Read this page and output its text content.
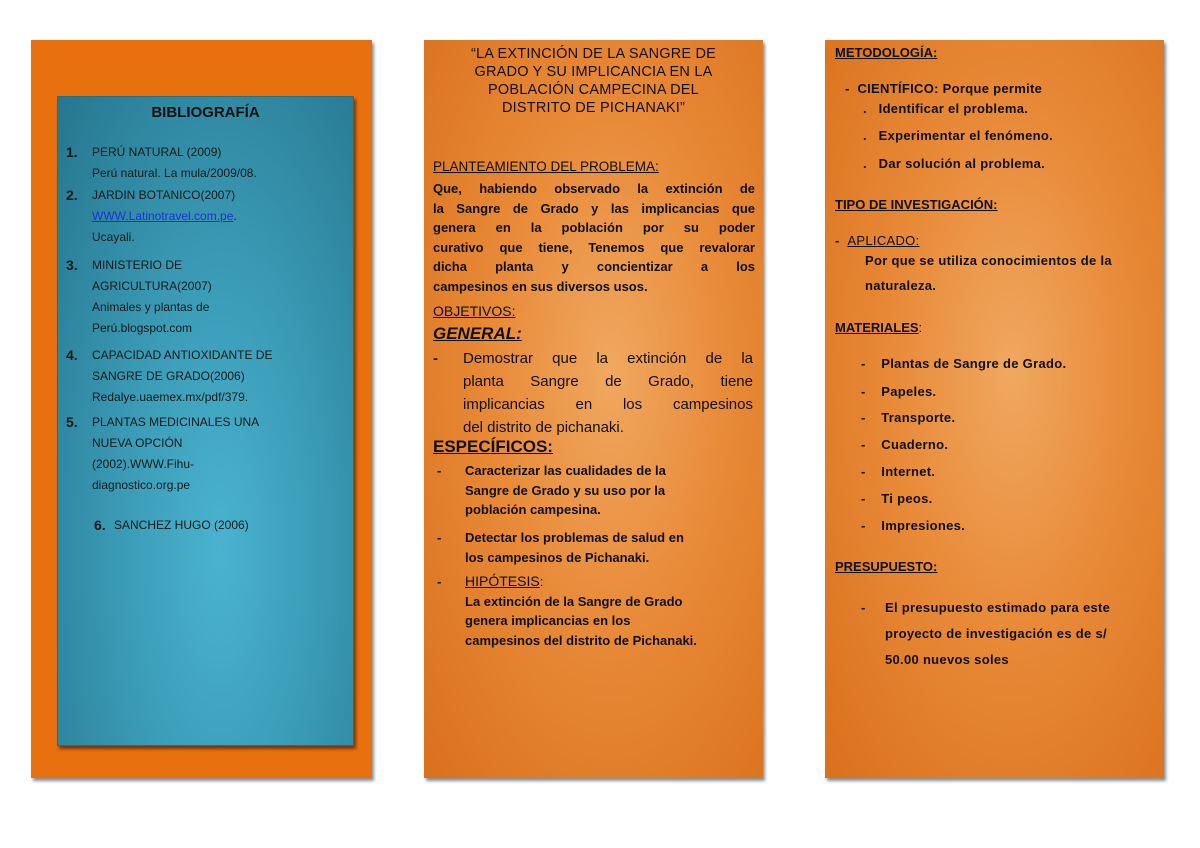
BIBLIOGRAFÍA
1. PERÚ NATURAL (2009)
Perú natural. La mula/2009/08.
2. JARDIN BOTANICO(2007)
WWW.Latinotravel.com.pe.
Ucayali.
3. MINISTERIO DE
AGRICULTURA(2007)
Animales y plantas de
Perú.blogspot.com
4. CAPACIDAD ANTIOXIDANTE DE
SANGRE DE GRADO(2006)
Redalye.uaemex.mx/pdf/379.
5. PLANTAS MEDICINALES UNA
NUEVA OPCIÓN
(2002).WWW.Fihu-
diagnostico.org.pe
6. SANCHEZ HUGO (2006)
“LA EXTINCIÓN DE LA SANGRE DE
GRADO Y SU IMPLICANCIA EN LA
POBLACIÓN CAMPECINA DEL
DISTRITO DE PICHANAKI”
PLANTEAMIENTO DEL PROBLEMA:
Que, habiendo observado la extinción de
la Sangre de Grado y las implicancias que
genera en la población por su poder
curativo que tiene, Tenemos que revalorar
dicha planta y concientizar a los
campesinos en sus diversos usos.
OBJETIVOS:
GENERAL:
- Demostrar que la extinción de la
planta Sangre de Grado, tiene
implicancias en los campesinos
del distrito de pichanaki.
ESPECÍFICOS:
- Caracterizar las cualidades de la
Sangre de Grado y su uso por la
población campesina.
- Detectar los problemas de salud en
los campesinos de Pichanaki.
- HIPÓTESIS:
La extinción de la Sangre de Grado
genera implicancias en los
campesinos del distrito de Pichanaki.
METODOLOGÍA:
-  CIENTÍFICO: Porque permite
.   Identificar el problema.
.   Experimentar el fenómeno.
.   Dar solución al problema.
TIPO DE INVESTIGACIÓN:
-  APLICADO:
Por que se utiliza conocimientos de la
naturaleza.
MATERIALES:
-    Plantas de Sangre de Grado.
-    Papeles.
-    Transporte.
-    Cuaderno.
-    Internet.
-    Ti peos.
-    Impresiones.
PRESUPUESTO:
- El presupuesto estimado para este
proyecto de investigación es de s/
50.00 nuevos soles
